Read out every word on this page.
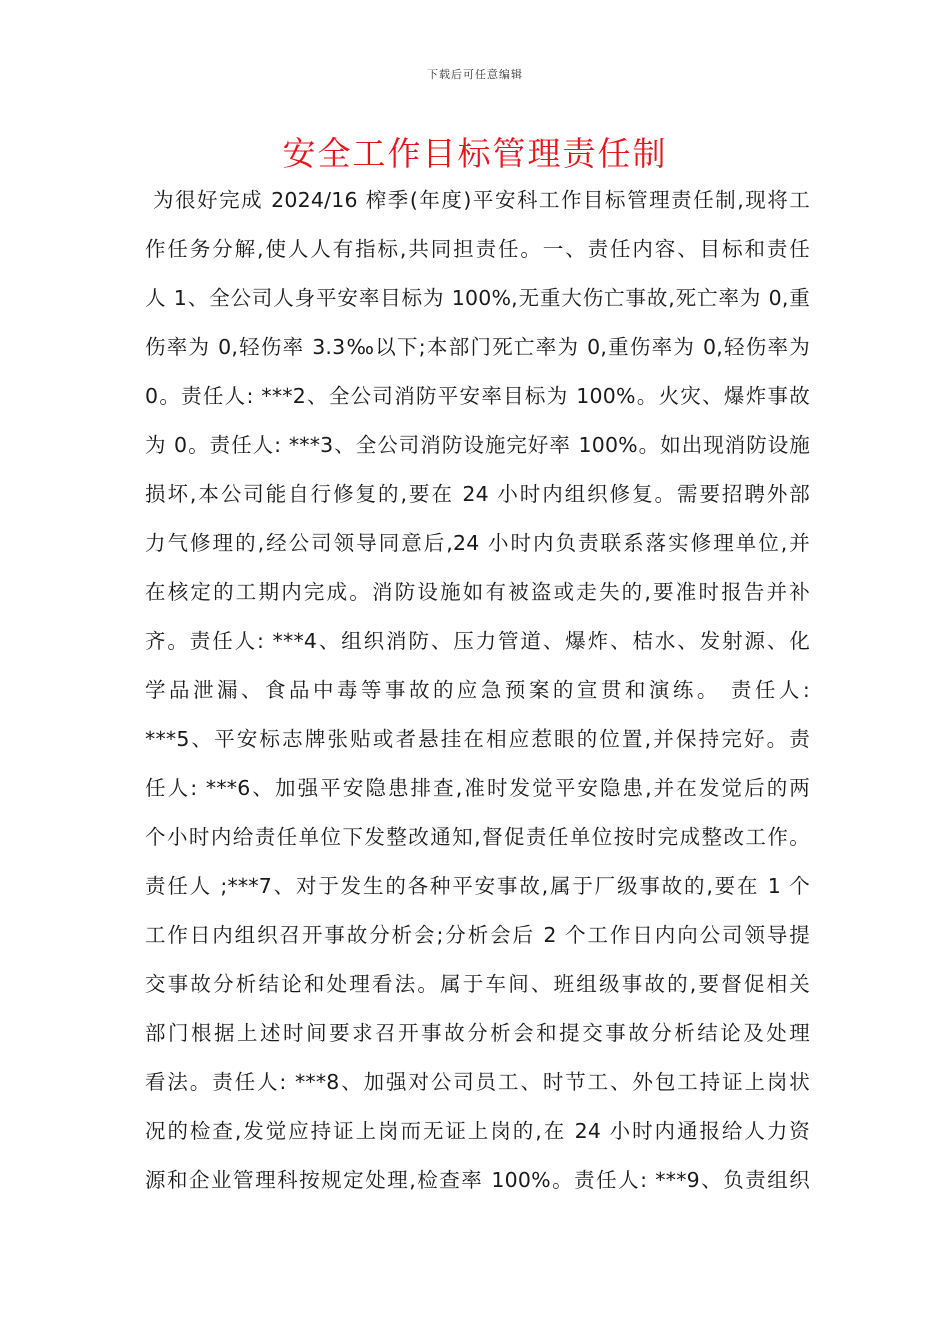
下载后可任意编辑
安全工作目标管理责任制
为很好完成 2024/16 榨季(年度)平安科工作目标管理责任制,现将工
作任务分解,使人人有指标,共同担责任。一、责任内容、目标和责任
人 1、全公司人身平安率目标为 100%,无重大伤亡事故,死亡率为 0,重
伤率为 0,轻伤率 3.3‰以下;本部门死亡率为 0,重伤率为 0,轻伤率为
0。责任人: ***2、全公司消防平安率目标为 100%。火灾、爆炸事故
为 0。责任人: ***3、全公司消防设施完好率 100%。如出现消防设施
损坏,本公司能自行修复的,要在 24 小时内组织修复。需要招聘外部
力气修理的,经公司领导同意后,24 小时内负责联系落实修理单位,并
在核定的工期内完成。消防设施如有被盗或走失的,要准时报告并补
齐。责任人: ***4、组织消防、压力管道、爆炸、桔水、发射源、化
学品泄漏、食品中毒等事故的应急预案的宣贯和演练。 责任人:
***5、平安标志牌张贴或者悬挂在相应惹眼的位置,并保持完好。责
任人: ***6、加强平安隐患排查,准时发觉平安隐患,并在发觉后的两
个小时内给责任单位下发整改通知,督促责任单位按时完成整改工作。
责任人 ;***7、对于发生的各种平安事故,属于厂级事故的,要在 1 个
工作日内组织召开事故分析会;分析会后 2 个工作日内向公司领导提
交事故分析结论和处理看法。属于车间、班组级事故的,要督促相关
部门根据上述时间要求召开事故分析会和提交事故分析结论及处理
看法。责任人: ***8、加强对公司员工、时节工、外包工持证上岗状
况的检查,发觉应持证上岗而无证上岗的,在 24 小时内通报给人力资
源和企业管理科按规定处理,检查率 100%。责任人: ***9、负责组织
